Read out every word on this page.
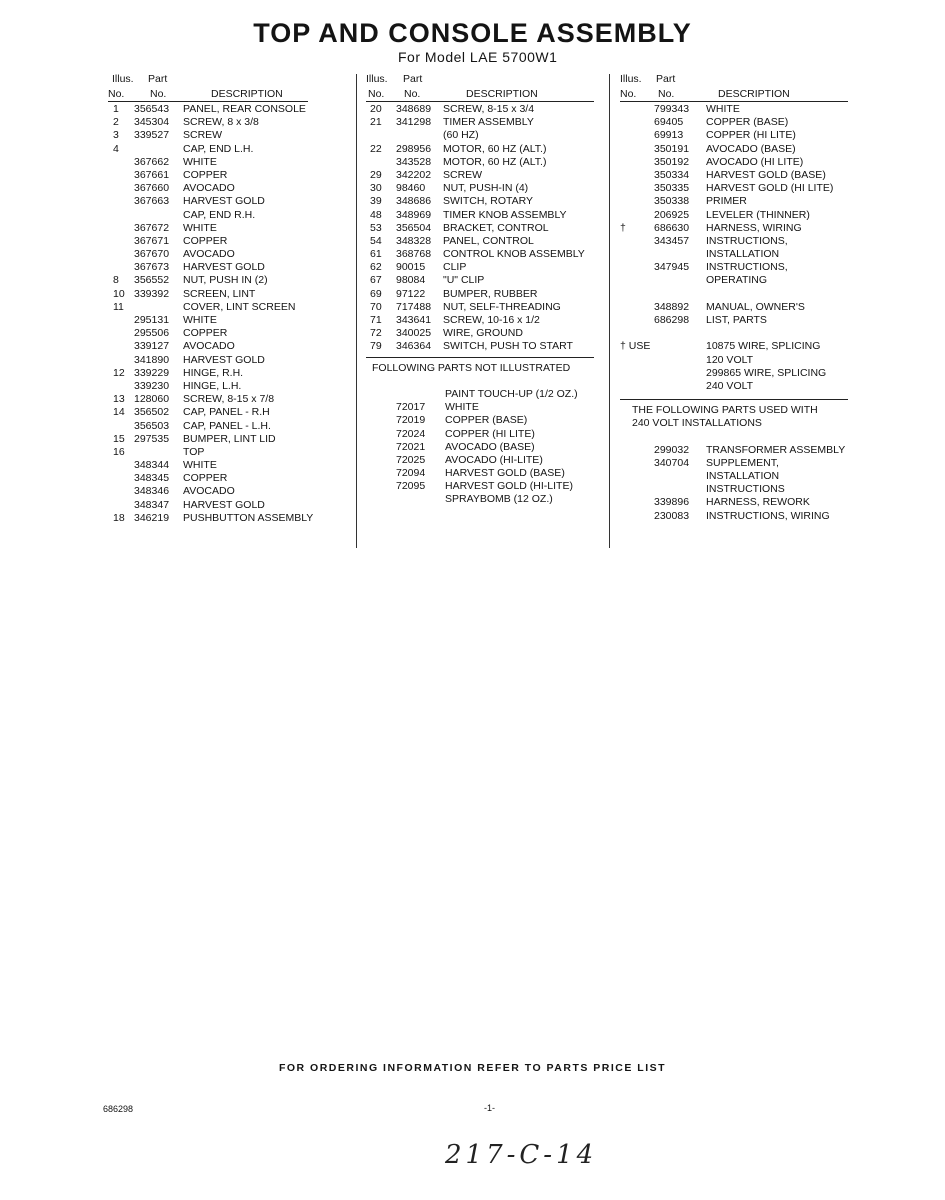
TOP AND CONSOLE ASSEMBLY
For Model LAE 5700W1
Illus.
No.
Part
No.	DESCRIPTION
1 356543 PANEL, REAR CONSOLE
2 345304 SCREW, 8 x 3/8
3 339527 SCREW
4	CAP, END L.H.
367662 WHITE
367661 COPPER
367660 AVOCADO
367663 HARVEST GOLD
CAP, END R.H.
367672 WHITE
367671 COPPER
367670 AVOCADO
367673 HARVEST GOLD
8 356552 NUT, PUSH IN (2)
10 339392 SCREEN, LINT
11	COVER, LINT SCREEN
295131 WHITE
295506 COPPER
339127 AVOCADO
341890 HARVEST GOLD
12 339229 HINGE, R.H.
339230 HINGE, L.H.
13 128060 SCREW, 8-15 x 7/8
14 356502 CAP, PANEL - R.H
356503 CAP, PANEL - L.H.
15 297535 BUMPER, LINT LID
16	TOP
348344 WHITE
348345 COPPER
348346 AVOCADO
348347 HARVEST GOLD
18 346219 PUSHBUTTON ASSEMBLY
Illus.
No.
Part
No.	DESCRIPTION
20 348689 SCREW, 8-15 x 3/4
21 341298 TIMER ASSEMBLY
(60 HZ)
22 298956 MOTOR, 60 HZ (ALT.)
343528 MOTOR, 60 HZ (ALT.)
29 342202 SCREW
30 98460 NUT, PUSH-IN (4)
39 348686 SWITCH, ROTARY
48 348969 TIMER KNOB ASSEMBLY
53 356504 BRACKET, CONTROL
54 348328 PANEL, CONTROL
61 368768 CONTROL KNOB ASSEMBLY
62 90015 CLIP
67 98084 "U" CLIP
69 97122 BUMPER, RUBBER
70 717488 NUT, SELF-THREADING
71 343641 SCREW, 10-16 x 1/2
72 340025 WIRE, GROUND
79 346364 SWITCH, PUSH TO START
FOLLOWING PARTS NOT ILLUSTRATED
PAINT TOUCH-UP (1/2 OZ.)
72017 WHITE
72019 COPPER (BASE)
72024 COPPER (HI LITE)
72021 AVOCADO (BASE)
72025 AVOCADO (HI-LITE)
72094 HARVEST GOLD (BASE)
72095 HARVEST GOLD (HI-LITE)
SPRAYBOMB (12 OZ.)
Illus.
No.
Part
No.	DESCRIPTION
799343 WHITE
69405 COPPER (BASE)
69913 COPPER (HI LITE)
350191 AVOCADO (BASE)
350192 AVOCADO (HI LITE)
350334 HARVEST GOLD (BASE)
350335 HARVEST GOLD (HI LITE)
350338 PRIMER
206925 LEVELER (THINNER)
†	686630 HARNESS, WIRING
343457 INSTRUCTIONS,
INSTALLATION
347945 INSTRUCTIONS,
OPERATING
348892 MANUAL, OWNER'S
686298 LIST, PARTS
† USE	10875 WIRE, SPLICING
120 VOLT
299865 WIRE, SPLICING
240 VOLT
THE FOLLOWING PARTS USED WITH
240 VOLT INSTALLATIONS
299032 TRANSFORMER ASSEMBLY
340704 SUPPLEMENT,
INSTALLATION
INSTRUCTIONS
339896 HARNESS, REWORK
230083 INSTRUCTIONS, WIRING
FOR ORDERING INFORMATION REFER TO PARTS PRICE LIST
686298	-1-
217-C-14
